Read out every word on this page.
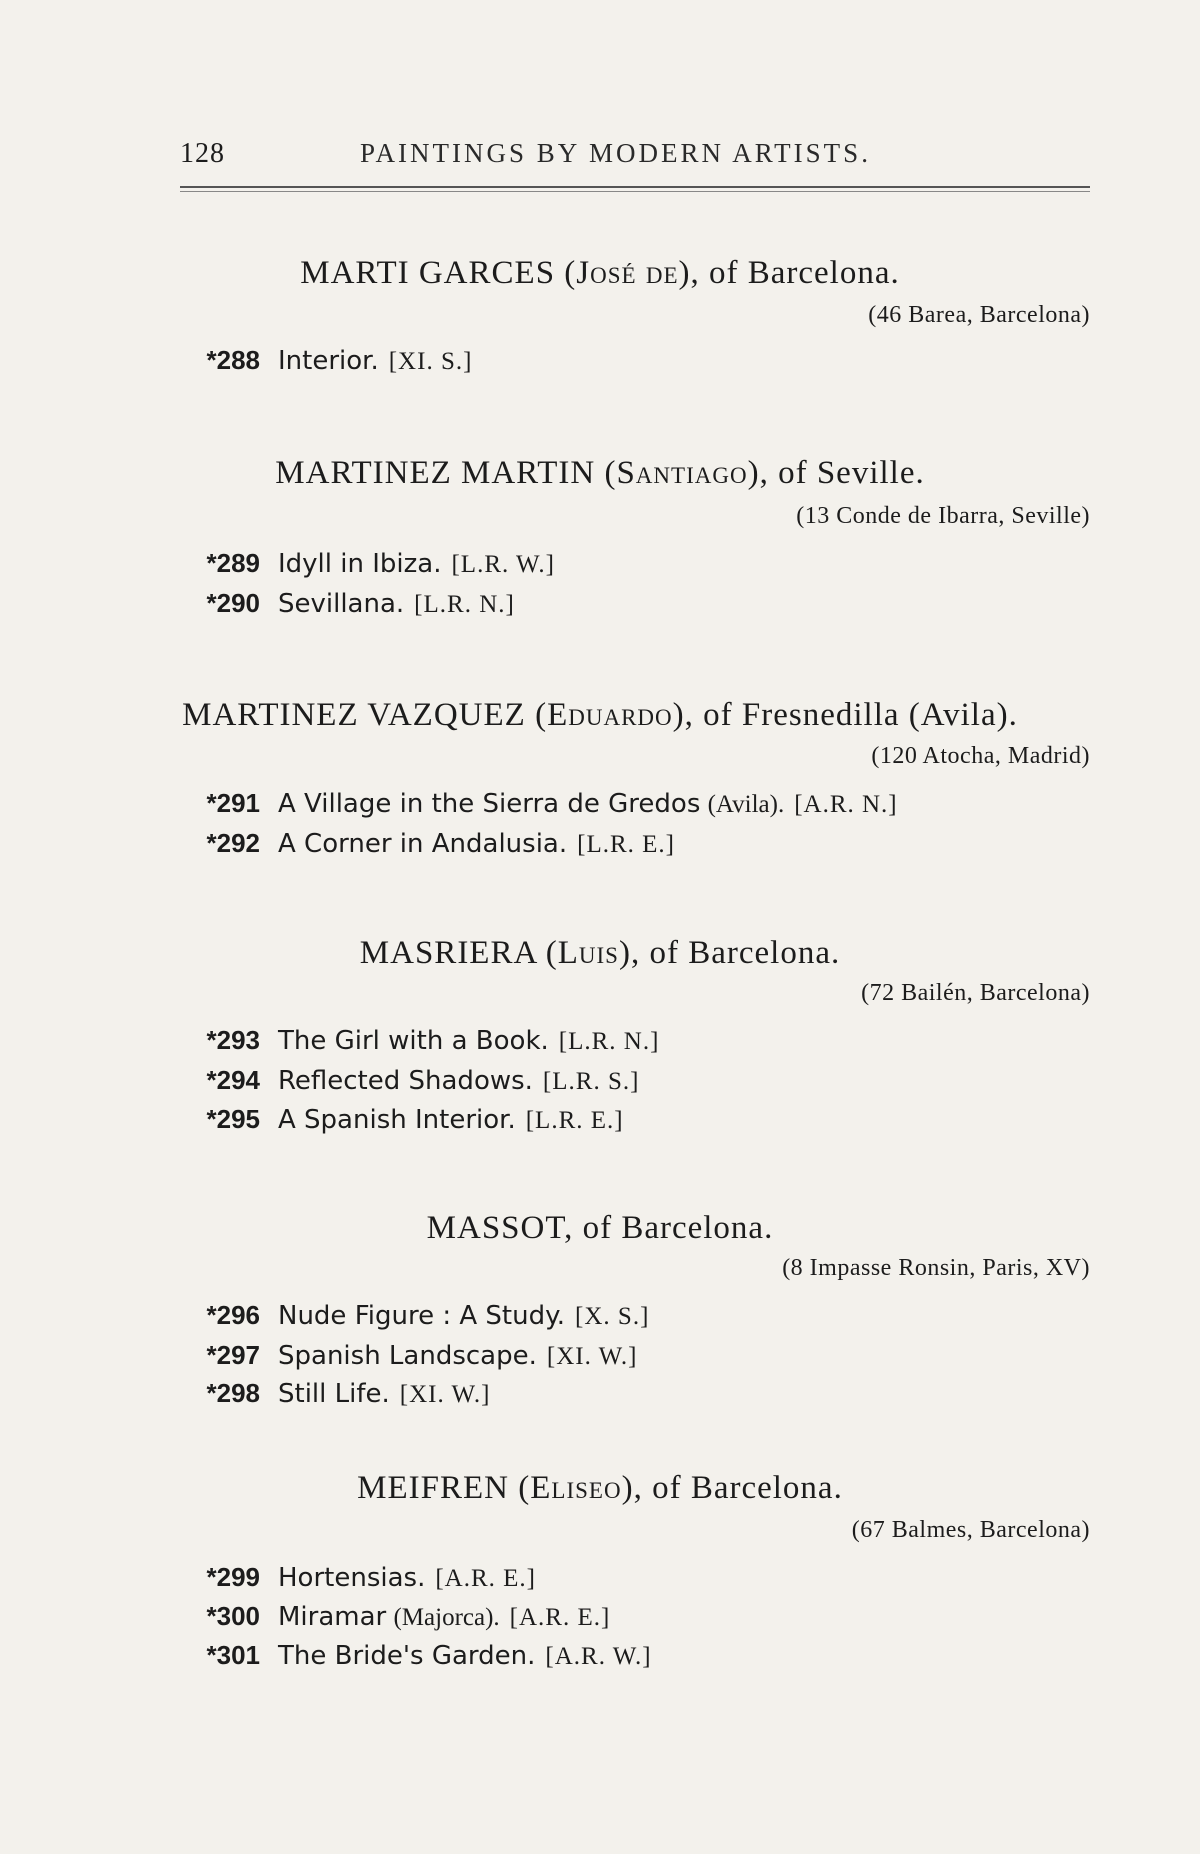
128	PAINTINGS BY MODERN ARTISTS.
MARTI GARCES (José de), of Barcelona.
(46 Barea, Barcelona)
*288 Interior. [XI. S.]
MARTINEZ MARTIN (Santiago), of Seville.
(13 Conde de Ibarra, Seville)
*289 Idyll in Ibiza. [L.R. W.]
*290 Sevillana. [L.R. N.]
MARTINEZ VAZQUEZ (Eduardo), of Fresnedilla (Avila).
(120 Atocha, Madrid)
*291 A Village in the Sierra de Gredos (Avila). [A.R. N.]
*292 A Corner in Andalusia. [L.R. E.]
MASRIERA (Luis), of Barcelona.
(72 Bailén, Barcelona)
*293 The Girl with a Book. [L.R. N.]
*294 Reflected Shadows. [L.R. S.]
*295 A Spanish Interior. [L.R. E.]
MASSOT, of Barcelona.
(8 Impasse Ronsin, Paris, XV)
*296 Nude Figure : A Study. [X. S.]
*297 Spanish Landscape. [XI. W.]
*298 Still Life. [XI. W.]
MEIFREN (Eliseo), of Barcelona.
(67 Balmes, Barcelona)
*299 Hortensias. [A.R. E.]
*300 Miramar (Majorca). [A.R. E.]
*301 The Bride's Garden. [A.R. W.]
